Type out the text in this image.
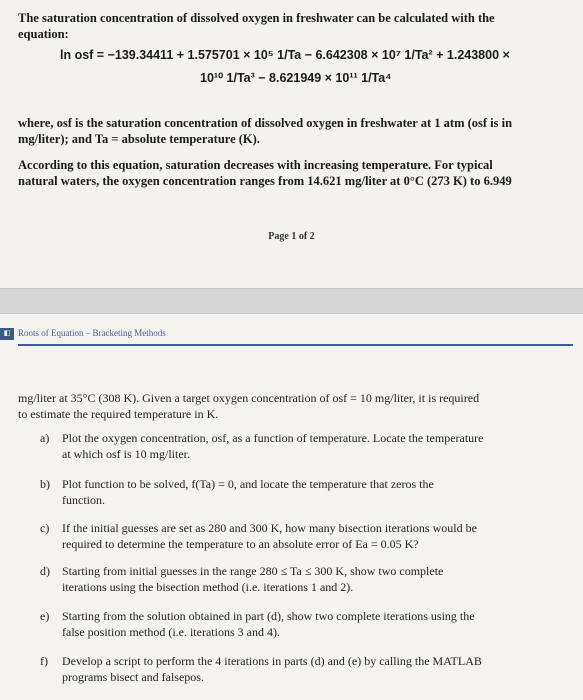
The saturation concentration of dissolved oxygen in freshwater can be calculated with the
equation:
ln osf = −139.34411 + 1.575701 × 10⁵ 1/Ta − 6.642308 × 10⁷ 1/Ta² + 1.243800 ×
10¹⁰ 1/Ta³ − 8.621949 × 10¹¹ 1/Ta⁴
where, osf is the saturation concentration of dissolved oxygen in freshwater at 1 atm (osf is in
mg/liter); and Ta = absolute temperature (K).
According to this equation, saturation decreases with increasing temperature. For typical
natural waters, the oxygen concentration ranges from 14.621 mg/liter at 0°C (273 K) to 6.949
Page 1 of 2
◧ Roots of Equation – Bracketing Methods
mg/liter at 35°C (308 K). Given a target oxygen concentration of osf = 10 mg/liter, it is required
to estimate the required temperature in K.
a) Plot the oxygen concentration, osf, as a function of temperature. Locate the temperature
at which osf is 10 mg/liter.
b) Plot function to be solved, f(Ta) = 0, and locate the temperature that zeros the
function.
c) If the initial guesses are set as 280 and 300 K, how many bisection iterations would be
required to determine the temperature to an absolute error of Ea = 0.05 K?
d) Starting from initial guesses in the range 280 ≤ Ta ≤ 300 K, show two complete
iterations using the bisection method (i.e. iterations 1 and 2).
e) Starting from the solution obtained in part (d), show two complete iterations using the
false position method (i.e. iterations 3 and 4).
f) Develop a script to perform the 4 iterations in parts (d) and (e) by calling the MATLAB
programs bisect and falsepos.
